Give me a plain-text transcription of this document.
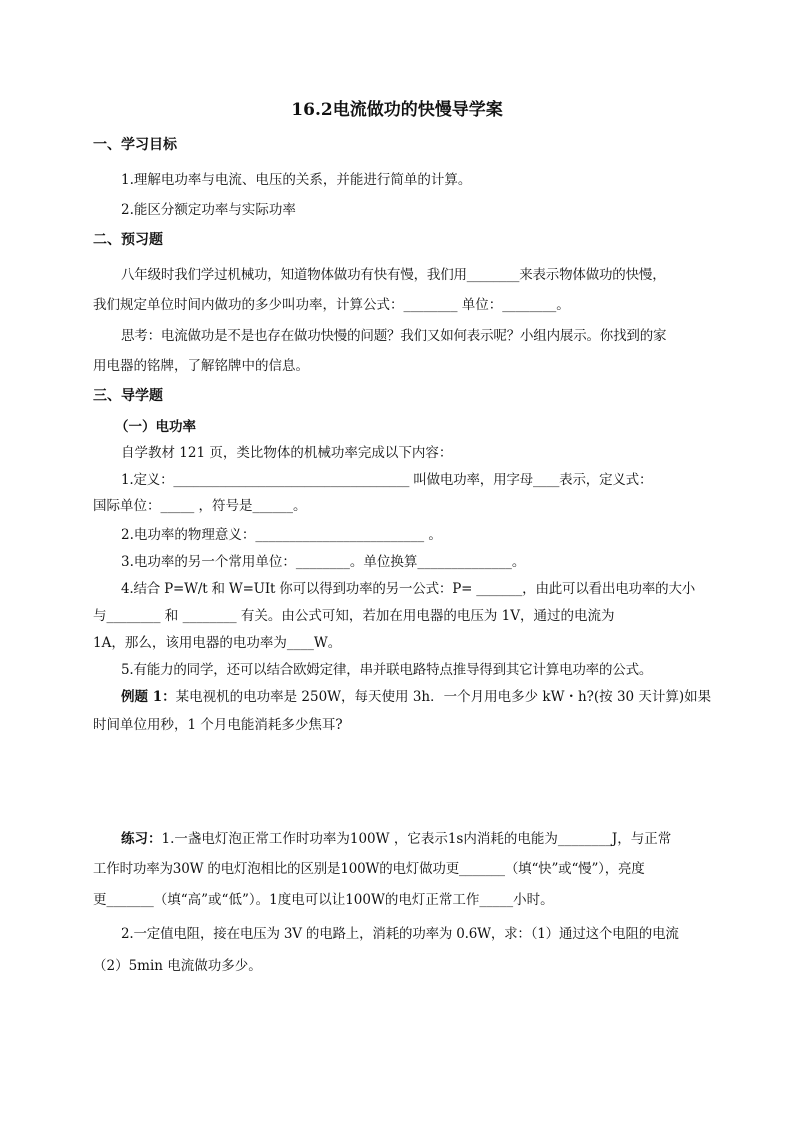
16.2电流做功的快慢导学案
一、学习目标
1.理解电功率与电流、电压的关系，并能进行简单的计算。
2.能区分额定功率与实际功率
二、预习题
八年级时我们学过机械功，知道物体做功有快有慢，我们用________来表示物体做功的快慢，
我们规定单位时间内做功的多少叫功率，计算公式：________ 单位：________。
思考：电流做功是不是也存在做功快慢的问题？我们又如何表示呢？小组内展示。你找到的家
用电器的铭牌，了解铭牌中的信息。
三、导学题
（一）电功率
自学教材 121 页，类比物体的机械功率完成以下内容：
1.定义：____________________________________ 叫做电功率，用字母____表示，定义式：
国际单位：_____ ，符号是______。
2.电功率的物理意义：_________________________ 。
3.电功率的另一个常用单位：________。单位换算______________。
4.结合 P=W/t 和 W=UIt 你可以得到功率的另一公式：P= _______，由此可以看出电功率的大小
与________ 和 ________ 有关。由公式可知，若加在用电器的电压为 1V，通过的电流为
1A，那么，该用电器的电功率为____W。
5.有能力的同学，还可以结合欧姆定律，串并联电路特点推导得到其它计算电功率的公式。
例题 1：某电视机的电功率是 250W，每天使用 3h．一个月用电多少 kW・h?(按 30 天计算)如果
时间单位用秒，1 个月电能消耗多少焦耳?
练习：1.一盏电灯泡正常工作时功率为100W ，它表示1s内消耗的电能为________J，与正常
工作时功率为30W 的电灯泡相比的区别是100W的电灯做功更_______（填“快”或“慢”），亮度
更_______（填“高”或“低”）。1度电可以让100W的电灯正常工作_____小时。
2.一定值电阻，接在电压为 3V 的电路上，消耗的功率为 0.6W，求：（1）通过这个电阻的电流
（2）5min 电流做功多少。
